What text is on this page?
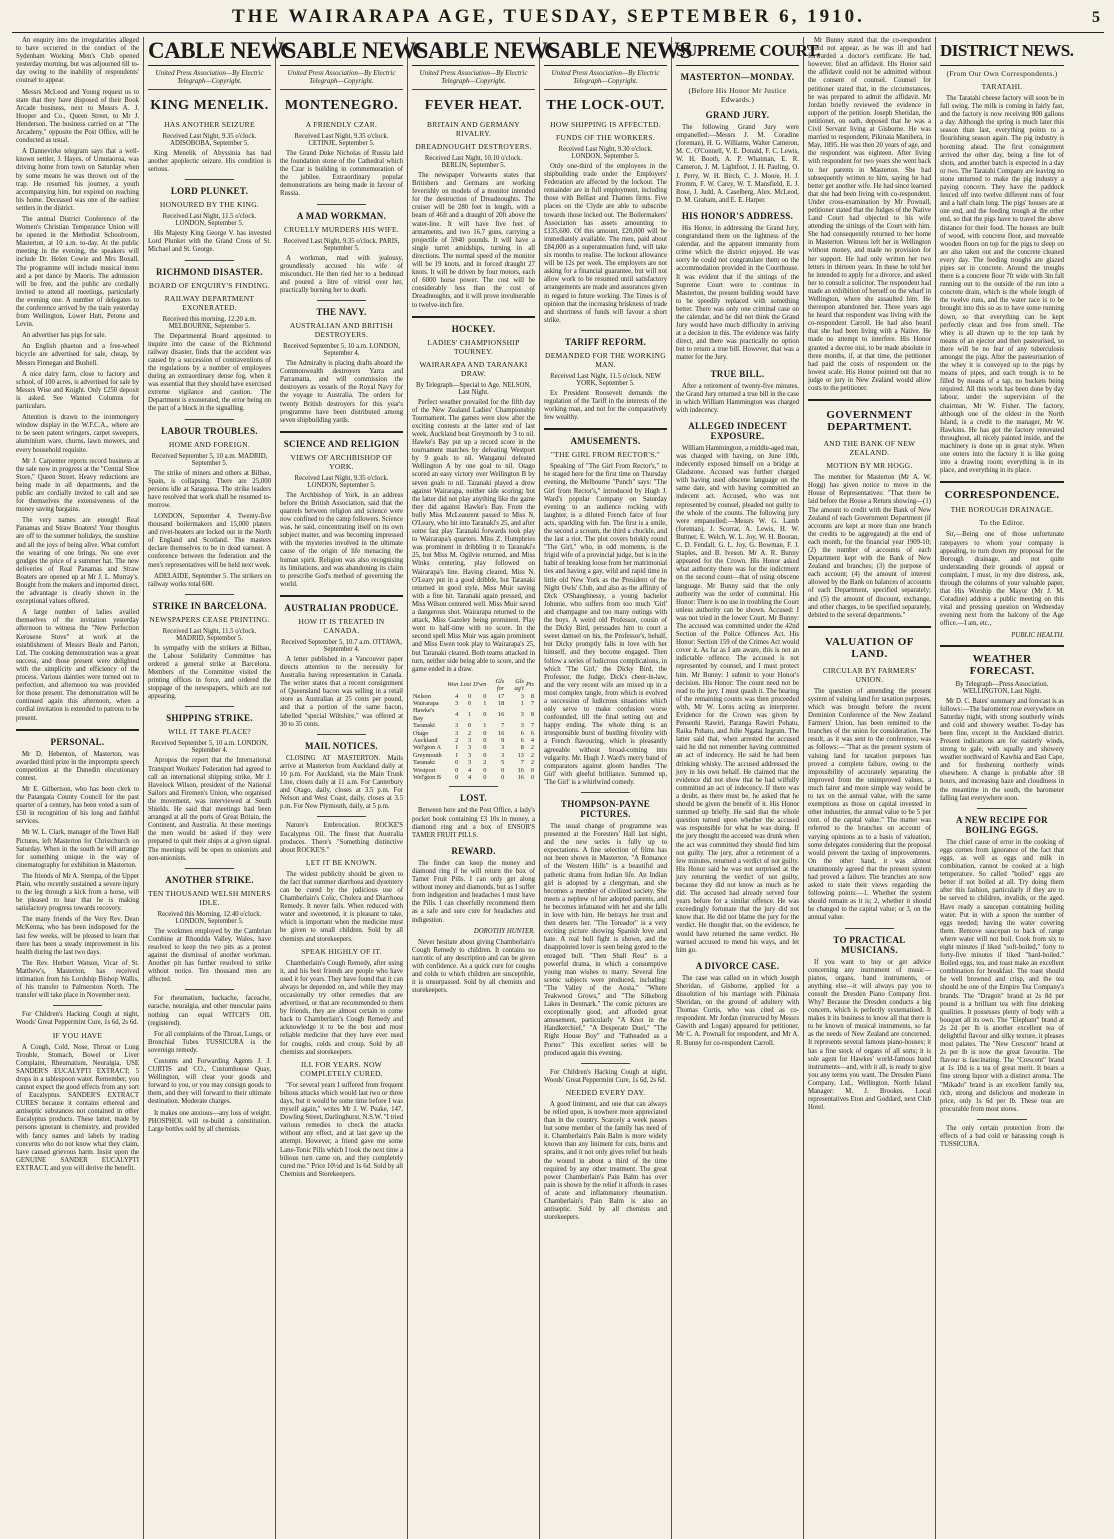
THE WAIRARAPA AGE, TUESDAY, SEPTEMBER 6, 1910.	5

An enquiry into the irregularities alleged to have occurred in the conduct of the Sydenham Working Men's Club opened yesterday morning, but was adjourned till to-day owing to the inability of respondents' counsel to appear.

Messrs McLeod and Young request us to state that they have disposed of their Book Arcade business, next to Messrs A. J. Hooper and Co., Queen Street, to Mr J. Henderson. The business carried on at "The Arcadeny," opposite the Post Office, will be conducted as usual.

A Dannevirke telegram says that a well-known settler, J. Hayes, of Umutaoroa, was driving home from town on Saturday when by some means he was thrown out of the trap. He resumed his journey, a youth accompanying him, but expired on reaching his home. Deceased was one of the earliest settlers in the district.

The annual District Conference of the Women's Christian Temperance Union will be opened in the Methodist Schoolroom, Masterton, at 10 a.m. to-day. At the public meeting in the evening, the speakers will include Dr. Helen Cowie and Mrs Boxall. The programme will include musical items and a pot dance by Maoris. The admission will be free, and the public are cordially invited to attend all meetings, particularly the evening one. A number of delegates to the conference arrived by the train yesterday from Wellington, Lower Hutt, Petone and Levin.

An advertiser has pigs for sale.

An English phaeton and a free-wheel bicycle are advertised for sale, cheap, by Messrs Finnegan and Bushell.

A nice dairy farm, close to factory and school, of 100 acres, is advertised for sale by Messrs Wise and Knight. Only £250 deposit is asked. See Wanted Columns for particulars.

Attention is drawn to the ironmongery window display in the W.F.C.A., where are to be seen patent wringers, carpet sweepers, aluminium ware, churns, lawn mowers, and every household requisite.

Mr J. Carpenter reports record business at the sale now in progress at the "Central Shoe Store," Queen Street. Heavy reductions are being made in all departments, and the public are cordially invited to call and see for themselves the extensiveness of the money saving bargains.

The very names are enough! Real Panamas and Straw Boaters! Your thoughts are off to the summer holidays, the sunshine and all the joys of being alive. What comfort the wearing of one brings. No one ever grudges the price of a summer hat. The new deliveries of Real Panamas and Straw Boaters are opened up at Mr J. L. Murray's. Bought from the makers and imported direct, the advantage is clearly shown in the exceptional values offered.

A large number of ladies availed themselves of the invitation yesterday afternoon to witness the "New Perfection Kerosene Stove" at work at the establishment of Messrs Beale and Parton, Ltd. The cooking demonstration was a great success, and those present were delighted with the simplicity and efficiency of the process. Various dainties were turned out to perfection, and afternoon tea was provided for those present. The demonstration will be continued again this afternoon, when a cordial invitation is extended to patrons to be present.

PERSONAL.

Mr D. Hebenton, of Masterton, was awarded third prize in the impromptu speech competition at the Dunedin elocutionary contest.

Mr E. Gilbertson, who has been clerk to the Patangata County Council for the past quarter of a century, has been voted a sum of £50 in recognition of his long and faithful services.

Mr W. L. Clark, manager of the Town Hall Pictures, left Masterton for Christchurch on Saturday. When in the south he will arrange for something unique in the way of cinematography for exhibition in Masterton.

The friends of Mr A. Stempa, of the Upper Plain, who recently sustained a severe injury to the leg through a kick from a horse, will be pleased to hear that he is making satisfactory progress towards recovery.

The many friends of the Very Rev. Dean McKenna, who has been indisposed for the last few weeks, will be pleased to learn that there has been a steady improvement in his health during the last two days.

The Rev. Herbert Watson, Vicar of St. Matthew's, Masterton, has received intimation from his Lordship Bishop Wallis, of his transfer to Palmerston North. The transfer will take place in November next.

For Children's Hacking Cough at night, Woods' Great Peppermint Cure, 1s 6d, 2s 6d.

IF YOU HAVE

A Cough, Cold, Nose, Throat or Lung Trouble, Stomach, Bowel or Liver Complaint, Rheumatism, Neuralgia, USE SANDER'S EUCALYPTI EXTRACT; 5 drops in a tablespoon water. Remember, you cannot expect the good effects from any sort of Eucalyptus. SANDER'S EXTRACT CURES because it contains ethereal and antiseptic substances not contained in other Eucalyptus products. These latter, made by persons ignorant in chemistry, and provided with fancy names and labels by trading concerns who do not know what they claim, have caused grievous harm. Insist upon the GENUINE SANDER EUCALYPTI EXTRACT, and you will derive the benefit.

CABLE NEWS
United Press Association—By Electric Telegraph—Copyright.
KING MENELIK.
HAS ANOTHER SEIZURE
Received Last Night, 9.35 o'clock. ADISOBOBA, September 5.

King Menelik of Abyssinia has had another apoplectic seizure. His condition is serious.

LORD PLUNKET.
HONOURED BY THE KING.
Received Last Night, 11.5 o'clock. LONDON, September 5.

His Majesty King George V. has invested Lord Plunket with the Grand Cross of St. Michael and St. George.

RICHMOND DISASTER.
BOARD OF ENQUIRY'S FINDING.
RAILWAY DEPARTMENT EXONERATED.
Received this morning, 12.20 a.m. MELBOURNE, September 5.

The Departmental Board appointed to inquire into the cause of the Richmond railway disaster, finds that the accident was caused by a succession of contraventions of the regulations by a number of employees during an extraordinary dense fog, when it was essential that they should have exercised extreme vigilance and caution. The Department is exonerated, the error being on the part of a block in the signalling.

LABOUR TROUBLES.
HOME AND FOREIGN.
Received September 5, 10 a.m. MADRID, September 5.

The strike of miners and others at Bilbao, Spain, is collapsing. There are 25,000 persons idle at Saragossa. The strike leaders have resolved that work shall be resumed to-morrow.

LONDON, September 4. Twenty-five thousand boilermakers and 15,000 platers and rivet-heaters are locked out in the North of England and Scotland. The masters declare themselves to be in dead earnest. A conference between the federation and the men's representatives will be held next week.

ADELAIDE, September 5. The strikers on railway works total 600.

STRIKE IN BARCELONA.
NEWSPAPERS CEASE PRINTING.
Received Last Night, 11.5 o'clock. MADRID, September 5.

In sympathy with the strikers at Bilbao, the Labour Solidarity Committee has ordered a general strike at Barcelona. Members of the Committee visited the printing offices in force, and ordered the stoppage of the newspapers, which are not appearing.

SHIPPING STRIKE.
WILL IT TAKE PLACE?
Received September 5, 10 a.m. LONDON, September 4.

Apropos the report that the International Transport Workers' Federation had agreed to call an international shipping strike, Mr J. Havelock Wilson, president of the National Sailors and Firemen's Union, who organised the movement, was interviewed at South Shields. He said that meetings had been arranged at all the ports of Great Britain, the Continent, and Australia. At these meetings the men would be asked if they were prepared to quit their ships at a given signal. The meetings will be open to unionists and non-unionists.

ANOTHER STRIKE.
TEN THOUSAND WELSH MINERS IDLE.
Received this Morning, 12.40 o'clock. LONDON, September 5.

The workmen employed by the Cambrian Combine at Rhondda Valley, Wales, have resolved to keep the two pits as a protest against the dismissal of another workman. Another pit has further resolved to strike without notice. Ten thousand men are affected.

For rheumatism, backache, faceache, earache, neuralgia, and other muscular pains nothing can equal WITCH'S OIL (registered).

For all complaints of the Throat, Lungs, or Bronchial Tubes TUSSICURA is the sovereign remedy.

Customs and Forwarding Agents J. J. CURTIS and CO., Customhouse Quay, Wellington, will clear your goods and forward to you, or you may consign goods to them, and they will forward to their ultimate destination. Moderate charges.

It makes one anxious—any loss of weight. PHOSPHOL will re-build a constitution. Large bottles sold by all chemists.

CABLE NEWS
United Press Association—By Electric Telegraph—Copyright.
MONTENEGRO.
A FRIENDLY CZAR.
Received Last Night, 9.35 o'clock. CETINJE, September 5.

The Grand Duke Nicholas of Russia laid the foundation stone of the Cathedral which the Czar is building in commemoration of the jubilee. Extraordinary popular demonstrations are being made in favour of Russia.

A MAD WORKMAN.
CRUELLY MURDERS HIS WIFE.
Received Last Night, 9.35 o'clock. PARIS, September 5.

A workman, mad with jealousy, groundlessly accused his wife of misconduct. He then tied her to a bedstead and poured a litre of vitriol over her, practically burning her to death.

THE NAVY.
AUSTRALIAN AND BRITISH DESTROYERS.
Received September 5, 10 a.m. LONDON, September 4.

The Admiralty is placing drafts aboard the Commonwealth destroyers Yarra and Parramatta, and will commission the destroyers as vessels of the Royal Navy for the voyage to Australia. The orders for twenty British destroyers for this year's programme have been distributed among seven shipbuilding yards.

SCIENCE AND RELIGION
VIEWS OF ARCHBISHOP OF YORK.
Received Last Night, 9.35 o'clock. LONDON, September 5.

The Archbishop of York, in an address before the British Association, said that the quarrels between religion and science were now confined to the camp followers. Science was, he said, concentrating itself on its own subject matter, and was becoming impressed with the mysteries involved in the ultimate cause of the origin of life menacing the human spirit. Religion was also recognising its limitations, and was abandoning its claim to prescribe God's method of governing the world.

AUSTRALIAN PRODUCE.
HOW IT IS TREATED IN CANADA.
Received September 5, 10.7 a.m. OTTAWA, September 4.

A letter published in a Vancouver paper directs attention to the necessity for Australia having representation in Canada. The writer states that a recent consignment of Queensland bacon was selling in a retail store as Australian at 25 cents per pound, and that a portion of the same bacon, labelled "special Wiltshire," was offered at 30 to 35 cents.

MAIL NOTICES.

CLOSING AT MASTERTON. Mails arrive at Masterton from Auckland daily at 10 p.m. For Auckland, via the Main Trunk Line, closes daily at 11 a.m. For Canterbury and Otago, daily, closes at 3.5 p.m. For Nelson and West Coast, daily, closes at 3.5 p.m. For New Plymouth, daily, at 5 p.m.

Nature's Embrocation. ROCKE'S Eucalyptus Oil. The finest that Australia produces. There's "Something distinctive about ROCKE'S."

LET IT BE KNOWN.

The widest publicity should be given to the fact that summer diarrhoea and dysentery can be cured by the judicious use of Chamberlain's Colic, Cholera and Diarrhoea Remedy. It never fails. When reduced with water and sweetened, it is pleasant to take, which is important when the medicine must be given to small children. Sold by all chemists and storekeepers.

SPEAK HIGHLY OF IT.

Chamberlain's Cough Remedy, after using it, and his best friends are people who have used it for years. They have found that it can always be depended on, and while they may occasionally try other remedies that are advertised, or that are recommended to them by friends, they are almost certain to come back to Chamberlain's Cough Remedy and acknowledge it to be the best and most reliable medicine that they have ever used for coughs, colds and croup. Sold by all chemists and storekeepers.

ILL FOR YEARS. NOW COMPLETELY CURED.

"For several years I suffered from frequent bilious attacks which would last two or three days, but it would be some time before I was myself again," writes Mr J. W. Peake, 147, Dowling Street, Darlinghurst, N.S.W. "I tried various remedies to check the attacks without any effect, and at last gave up the attempt. However, a friend gave me some Lane-Tonic Pills which I took the next time a bilious turn came on, and they completely cured me." Price 10½d and 1s 6d. Sold by all Chemists and Storekeepers.

CABLE NEWS
United Press Association—By Electric Telegraph—Copyright.
FEVER HEAT.
BRITAIN AND GERMANY RIVALRY.
DREADNOUGHT DESTROYERS.
Received Last Night, 10.10 o'clock. BERLIN, September 5.

The newspaper Vorwaerts states that Britishers and Germans are working feverishly on models of a monitor intended for the destruction of Dreadnoughts. The cruiser will be 280 feet in length, with a beam of 46ft and a draught of 20ft above the water-line. It will have five feet of armaments, and two 16.7 guns, carrying a projectile of 5940 pounds. It will have a single turret amidships, turning in all directions. The normal speed of the monitor will be 19 knots, and in forced draught 27 knots. It will be driven by four motors, each of 6000 horse power. The cost will be considerably less than the cost of Dreadnoughts, and it will prove invulnerable to twelve-inch fire.

HOCKEY.
LADIES' CHAMPIONSHIP TOURNEY.
WAIRARAPA AND TARANAKI DRAW.
By Telegraph—Special to Age. NELSON, Last Night.

Perfect weather prevailed for the fifth day of the New Zealand Ladies' Championship Tournament. The games were slow after the exciting contests at the latter end of last week. Auckland beat Greymouth by 3 to nil. Hawke's Bay put up a record score in the tournament matches by defeating Westport by 9 goals to nil. Wanganui defeated Wellington A by one goal to nil. Otago scored an easy victory over Wellington B by seven goals to nil. Taranaki played a drew against Wairarapa, neither side scoring; but the latter did not play anything like the game they did against Hawke's Bay. From the bully Miss McLeaurent passed to Miss N. O'Leary, who hit into Taranaki's 25, and after some fast play Taranaki forwards took play to Wairarapa's quarters. Miss Z. Humphries was prominent in dribbling it to Taranaki's 25, but Miss M. Ogilvie returned, and Miss Winks centering, play followed on Wairarapa's line. Having cleared, Miss N. O'Leary put in a good dribble, but Taranaki returned in good style, Miss Muir saving with a fine hit. Taranaki again pressed, and Miss Wilson centered well. Miss Muir saved a dangerous shot. Wairarapa returned to the attack, Miss Gazeley being prominent. Play went to half-time with no score. In the second spell Miss Muir was again prominent and Miss Ewen took play to Wairarapa's 25, but Taranaki cleared. Both teams attacked in turn, neither side being able to score, and the game ended in a draw.

	Won	Lost	D'wn	Gls for	Gls ag't	Pts
Nelson	4	0	0	17	3	8
Wairarapa	3	0	1	18	1	7
Hawke's Bay	4	1	0	16	3	8
Taranaki	3	0	1	7	3	7
Otago	3	2	0	16	6	6
Auckland	2	3	0	9	6	4
Wel'gton A	1	3	0	3	8	2
Greymouth	1	3	0	3	13	2
Taranaki	0	3	2	5	7	2
Westport	0	4	0	0	16	0
Wel'gton B	0	4	0	0	16	0
LOST.

Between here and the Post Office, a lady's pocket book containing £3 10s in money, a diamond ring and a box of ENSOR'S TAMER FRUIT PILLS.

REWARD.

The finder can keep the money and diamond ring if he will return the box of Tamer Fruit Pills. I can only get along without money and diamonds, but as I suffer from indigestion and headaches I must have the Pills. I can cheerfully recommend them as a safe and sure cure for headaches and indigestion.

DOROTHY HUNTER.

Never hesitate about giving Chamberlain's Cough Remedy to children. It contains no narcotic of any description and can be given with confidence. As a quick cure for coughs and colds to which children are susceptible, it is unsurpassed. Sold by all chemists and storekeepers.

CABLE NEWS
United Press Association—By Electric Telegraph—Copyright.
THE LOCK-OUT.
HOW SHIPPING IS AFFECTED.
FUNDS OF THE WORKERS.
Received Last Night, 9.30 o'clock. LONDON, September 5.

Only one-third of the employees in the shipbuilding trade under the Employers' Federation are affected by the lockout. The remainder are in full employment, including those with Belfast and Thames firms. Five places on the Clyde are able to subscribe towards those locked out. The Boilermakers' Association has assets amounting to £135,600. Of this amount, £20,000 will be immediately available. The men, paid about £84,000 as a superannuation fund, will take six months to realise. The lockout allowance will be 12s per week. The employers are not asking for a financial guarantee, but will not allow work to be resumed until satisfactory arrangements are made and assurances given in regard to future working. The Times is of opinion that the increasing briskness of trade and shortness of funds will favour a short strike.

TARIFF REFORM.
DEMANDED FOR THE WORKING MAN.
Received Last Night, 11.5 o'clock. NEW YORK, September 5.

Ex President Roosevelt demands the regulation of the Tariff in the interests of the working man, and not for the comparatively few wealthy.

AMUSEMENTS.
"THE GIRL FROM RECTOR'S."

Speaking of "The Girl From Rector's," to be staged here for the first time on Thursday evening, the Melbourne "Punch" says: "The Girl from Rector's," introduced by Hugh J. Ward's popular Company on Saturday evening to an audience rocking with laughter, is a diluted French farce of four acts, sparkling with fun. The first is a smile, the second a scream, the third a chuckle, and the last a riot. The plot covers briskly round "The Girl," who, in odd moments, is the frigid wife of a provincial judge, but is in the habit of breaking loose from her matrimonial ties and having a gay, wild and rapid time in little old New York as the President of the Night Owls' Club, and also as the affinity of Dick O'Shaughnessy, a young bachelor Johnnie, who suffers from too much 'Girl' and champagne and too many outings with the boys. A weird old Professor, cousin of the Dicky Bird, persuades him to court a sweet damsel on his, the Professor's, behalf, but Dicky promptly falls in love with her himself, and they become engaged. Then follow a series of ludicrous complications, in which 'The Girl,' the Dicky Bird, the Professor, the Judge, Dick's cheer-in-law, and the very recent wife are mixed up in a most complex tangle, from which is evolved a succession of ludicrous situations which only serve to make confusion worse confounded, till the final setting out and happy ending. The whole thing is an irresponsible burst of bustling frivolity with a French flavouring, which is pleasantly agreeable without broad-coming into vulgarity. Mr. Hugh J. Ward's merry band of comparators against gloom handles 'The Girl' with gleeful brilliance. Summed up, 'The Girl' is a whirlwind comedy.

THOMPSON-PAYNE PICTURES.

The usual change of programme was presented at the Foresters' Hall last night, and the new series is fully up to expectations. A fine selection of films has not been shown in Masterton. "A Romance of the Western Hills" is a beautiful and pathetic drama from Indian life. An Indian girl is adopted by a clergyman, and she becomes a member of civilized society. She meets a nephew of her adopted parents, and he becomes infatuated with her and she falls in love with him. He betrays her trust and then deserts her. "The Toreador" is a very exciting picture showing Spanish love and hate. A real bull fight is shown, and the disappointed lover is seen being gored to the enraged bull. "Then Shall Rest" is a powerful drama, in which a consumptive young man wishes to marry. Several fine scenic subjects were produced, including: "The Valley of the Aosta," "Where Teakwood Grows," and "The Silkeborg Lakes in Denmark." The comic pictures are exceptionally good, and afforded great amusement, particularly "A Knot in the Handkerchief," "A Desperate Duel," "The Right House Boy" and "Fatheaded as a Porter." This excellent series will be produced again this evening.

For Children's Hacking Cough at night, Woods' Great Peppermint Cure, 1s 6d, 2s 6d.

NEEDED EVERY DAY.

A good liniment, and one that can always be relied upon, is nowhere more appreciated than in the country. Scarcely a week passes but some member of the family has need of it. Chamberlain's Pain Balm is more widely known than any liniment for cuts, burns and sprains, and it not only gives relief but heals the wound in about a third of the time required by any other treatment. The great power Chamberlain's Pain Balm has over pain is shown by the relief it affords in cases of acute and inflammatory rheumatism. Chamberlain's Pain Balm is also an antiseptic. Sold by all chemists and storekeepers.

SUPREME COURT.
MASTERTON—MONDAY.
(Before His Honor Mr Justice Edwards.)
GRAND JURY.

The following Grand Jury were empanelled:—Messrs J. M. Coradine (foreman), H. G. Williams, Walter Cameron, M. C. O'Connell, V. E. Donald, F. C. Lewis, W. H. Booth, A. P. Whatman, E. R. Cameron, J. M. Lightfoot, J. H. Pauling, O. J. Perry, W. H. Birch, C. J. Moore, H. J. Fromm, F. W. Carey, W. T. Mansfield, E. J. Rose, J. Judd, A. Caselberg, Alex. McLeod, D. M. Graham, and E. E. Harper.

HIS HONOR'S ADDRESS.

His Honor, in addressing the Grand Jury, congratulated them on the lightness of the calendar, and the apparent immunity from crime which the district enjoyed. He was sorry he could not congratulate them on the accommodation provided in the Courthouse. It was evident that if the sittings of the Supreme Court were to continue in Masterton, the present building would have to be speedily replaced with something better. There was only one criminal case on the calendar, and he did not think the Grand Jury would have much difficulty in arriving at a decision in this. The evidence was fairly direct, and there was practically no option but to return a true bill. However, that was a matter for the Jury.

TRUE BILL.

After a retirement of twenty-five minutes, the Grand Jury returned a true bill in the case in which William Hammington was charged with indecency.

ALLEGED INDECENT EXPOSURE.

William Hammington, a middle-aged man, was charged with having, on June 10th, indecently exposed himself on a bridge at Gladstone. Accused was further charged with having used obscene language on the same date, and with having committed an indecent act. Accused, who was not represented by counsel, pleaded not guilty to the whole of the counts. The following jury were empanelled:—Messrs W. G. Lamb (foreman), J. Scorrar, A. Lewis, H. W. Buttner, E. Welch, W. L. Joy, W. H. Booran, C. D. Fendall, G. L. Joy, G. Bowman, F. J. Staples, and B. Iveson. Mr A. R. Bunny appeared for the Crown. His Honor asked what authority there was for the indictment on the second count—that of using obscene language. Mr Bunny said that the only authority was the order of committal. His Honor: There is no use in troubling the Court unless authority can be shown. Accused: I was not tried in the lower Court. Mr Bunny: The accused was committed under the 42nd Section of the Police Offences Act. His Honor: Section 159 of the Crimes Act would cover it. As far as I am aware, this is not an indictable offence. The accused is not represented by counsel, and I must protect him. Mr Bunny: I submit to your Honor's decision. His Honor: The count need not be read to the jury. I must quash it. The hearing of the remaining counts was then proceeded with, Mr W. Lorns acting as interpreter. Evidence for the Crown was given by Pensenhi Rawiri, Paranga Rawiri Pohatu, Raika Pohatu, and Julie Ngatai Ingram. The latter said that, when arrested the accused said he did not remember having committed an act of indecency. He said he had been drinking whisky. The accused addressed the jury in his own behalf. He claimed that the evidence did not show that he had wilfully committed an act of indecency. If there was a doubt, as there must be, he asked that he should be given the benefit of it. His Honor summed up briefly. He said that the whole question turned upon whether the accused was responsible for what he was doing. If the jury thought the accused was drunk when the act was committed they should find him not guilty. The jury, after a retirement of a few minutes, returned a verdict of not guilty. His Honor said he was not surprised at the jury returning the verdict of not guilty, because they did not know as much as he did. The accused had already served four years before for a similar offence. He was exceedingly fortunate that the jury did not know that. He did not blame the jury for the verdict. He thought that, on the evidence, he would have returned the same verdict. He warned accused to mend his ways, and let him go.

A DIVORCE CASE.

The case was called on in which Joseph Sheridan, of Gisborne, applied for a dissolution of his marriage with Pikinaia Sheridan, on the ground of adultery with Thomas Curtis, who was cited as co-respondent. Mr Jordan (instructed by Messrs Gawith and Logan) appeared for petitioner, Mr C. A. Pownall for respondent, and Mr A. R. Bunny for co-respondent Carroll.

Mr Bunny stated that the co-respondent could not appear, as he was ill and had forwarded a doctor's certificate. He had, however, filed an affidavit. His Honor said the affidavit could not be admitted without the consent of counsel. Counsel for petitioner stated that, in the circumstances, he was prepared to admit the affidavit. Mr Jordan briefly reviewed the evidence in support of the petition. Joseph Sheridan, the petitioner, on oath, deposed that he was a Civil Servant living at Gisborne. He was married to respondent, Pikinaia Manihera, in May, 1895. He was then 20 years of age, and the respondent was eighteen. After living with respondent for two years she went back to her parents in Masterton. She had subsequently written to him, saying he had better get another wife. He had since learned that she had been living with co-respondent. Under cross-examination by Mr Pownall, petitioner stated that the Judges of the Native Land Court had objected to his wife attending the sittings of the Court with him. She had consequently returned to her home in Masterton. Witness left her in Wellington without money, and made no provision for her support. He had only written her two letters in thirteen years. In these he told her he intended to apply for a divorce, and asked her to consult a solicitor. The respondent had made an exhibition of herself on the wharf in Wellington, where she assaulted him. He thereupon abandoned her. Three years ago he heard that respondent was living with the co-respondent Carroll. He had also heard that she had been living with a Native. He made no attempt to interfere. His Honor granted a decree nisi, to be made absolute in three months, if, at that time, the petitioner had paid the costs of respondent on the lowest scale. His Honor pointed out that no judge or jury in New Zealand would allow costs to the petitioner.

GOVERNMENT DEPARTMENT.
AND THE BANK OF NEW ZEALAND.
MOTION BY MR HOGG.

The member for Masterton (Mr A. W. Hogg) has given notice to move in the House of Representatives: "That there be laid before the House a Return showing—(1) The amount to credit with the Bank of New Zealand of each Government Department (if accounts are kept at more than one branch the credits to be aggregated) at the end of each month, for the financial year 1909-10; (2) the number of accounts of each Department kept with the Bank of New Zealand and branches; (3) the purpose of each account; (4) the amount of interest allowed by the Bank on balances of accounts of each Department, specified separately; and (5) the amount of discount, exchange, and other charges, to be specified separately, debited to the several departments."

VALUATION OF LAND.
CIRCULAR BY FARMERS' UNION.

The question of amending the present system of valuing land for taxation purposes, which was brought before the recent Dominion Conference of the New Zealand Farmers' Union, has been remitted to the branches of the union for consideration. The result, as it was sent to the conference, was as follows:—"That as the present system of valuing land for taxation purposes has proved a complete failure, owing to the impossibility of accurately separating the improved from the unimproved values, a much fairer and more simple way would be to tax on the annual value, with the same exemptions as those on capital invested in other industries, the annual value to be 5 per cent. of the capital value." The matter was referred to the branches on account of varying opinions as to a basis of valuation, some delegates considering that the proposal would prevent the taxing of improvements. On the other hand, it was almost unanimously agreed that the present system had proved a failure. The branches are now asked to state their views regarding the following points:—1. Whether the system should remain as it is; 2, whether it should be changed to the capital value; or 3, on the annual value.

TO PRACTICAL MUSICIANS.

If you want to buy or get advice concerning any instrument of music—pianos, organs, band instruments, or anything else—it will always pay you to consult the Dresden Piano Company first. Why? Because the Dresden conducts a big concern, which is perfectly systematised. It makes it its business to know all that there is to be known of musical instruments, so far as the needs of New Zealand are concerned. It represents several famous piano-houses; it has a fine stock of organs of all sorts; it is sole agent for Hawkes' world-famous band instruments—and, with it all, is ready to give you any terms you want. The Dresden Piano Company, Ltd., Wellington. North Island Manager: M. J. Brookes. Local representatives Eton and Goddard, next Club Hotel.

DISTRICT NEWS.
(From Our Own Correspondents.)
TARATAHI.

The Taratahi cheese factory will soon be in full swing. The milk is coming in fairly fast, and the factory is now receiving 800 gallons a day. Although the spring is much later this season than last, everything points to a flourishing season again. The pig industry is booming ahead. The first consignment arrived the other day, being a fine lot of shots, and another batch is expected in a day or two. The Taratahi Company are leaving no stone unturned to make the pig industry a paying concern. They have the paddock fenced off into twelve different runs of four and a half chain long. The pigs' houses are at one end, and the feeding trough at the other end, so that the pigs have to travel the above distance for their food. The houses are built of wood, with concrete floor, and moveable wooden floors on top for the pigs to sleep on are also taken out and the concrete cleaned every day. The feeding troughs are glazed pipes set in concrete. Around the troughs there is a concrete floor 7ft wide with 3in fall running out to the outside of the run into a concrete drain, which is the whole length of the twelve runs, and the water race is to be brought into this so as to have some running down, so that everything can be kept perfectly clean and free from smell. The whey is all drawn up to the top tank by means of an ejector and then pasteurised, so there will be no fear of any tuberculosis amongst the pigs. After the pasteurisation of the whey it is conveyed up to the pigs by means of pipes, and each trough is to be filled by means of a tap, no buckets being required. All this work has been done by day labour, under the supervision of the chairman, Mr W. Fisher. The factory, although one of the oldest in the North Island, is a credit to the manager, Mr W. Hawkins. He has got the factory renovated throughout, all nicely painted inside, and the machinery is done up in great style. When one enters into the factory it is like going into a drawing room; everything is in its place, and everything in its place.

CORRESPONDENCE.
THE BOROUGH DRAINAGE.
To the Editor.

Sir,—Being one of those unfortunate ratepayers to whom your company is appealing, to turn down my proposal for the Borough drainage, and not quite understanding their grounds of appeal or complaint, I must, in my dire distress, ask, through the columns of your valuable paper, that His Worship the Mayor (Mr J. M. Coradine) address a public meeting on this vital and pressing question on Wednesday evening next from the balcony of the Age office.—I am, etc.,

PUBLIC HEALTH.
WEATHER FORECAST.
By Telegraph—Press Association. WELLINGTON, Last Night.

Mr D. C. Bates' summary and forecast is as follows:—The barometer rose everywhere on Saturday night, with strong southerly winds and cold and showery weather. To-day has been fine, except in the Auckland district. Present indications are for easterly winds, strong to gale, with squally and showery weather northward of Kawhia and East Cape, and for freshening northerly winds elsewhere. A change is probable after 18 hours, and increasing haze and cloudiness in the meantime in the south, the barometer falling fast everywhere soon.

A NEW RECIPE FOR BOILING EGGS.

The chief cause of error in the cooking of eggs comes from ignorance of the fact that eggs, as well as eggs and milk in combination, cannot be cooked at a high temperature. So called "boiled" eggs are better if not boiled at all. Try doing them after this fashion, particularly if they are to be served to children, invalids, or the aged. Have ready a saucepan containing boiling water. Put in with a spoon the number of eggs needed; having the water covering them. Remove saucepan to back of range where water will not boil. Cook from six to eight minutes if liked "soft-boiled," forty to forty-five minutes if liked "hard-boiled." Boiled eggs, tea, and toast make an excellent combination for breakfast. The toast should be well browned and crisp, and the tea should be one of the Empire Tea Company's brands. The "Dragon" brand at 2s 8d per pound is a brilliant tea with fine drinking qualities. It possesses plenty of body with a bouquet all its own. The "Elephant" brand at 2s 2d per lb is another excellent tea of delightful flavour and silky texture, it pleases most palates. The "New Crescent" brand at 2s per lb is now the great favourite. The flavour is fascinating. The "Crescent" brand at 1s 10d is a tea of great merit. It bears a fine strong liquor with a distinct aroma. The "Mikado" brand is an excellent family tea, rich, strong and delicious and moderate in price, only 1s 6d per lb. These teas are procurable from most stores.

The only certain protection from the effects of a bad cold or harassing cough is TUSSICURA.
